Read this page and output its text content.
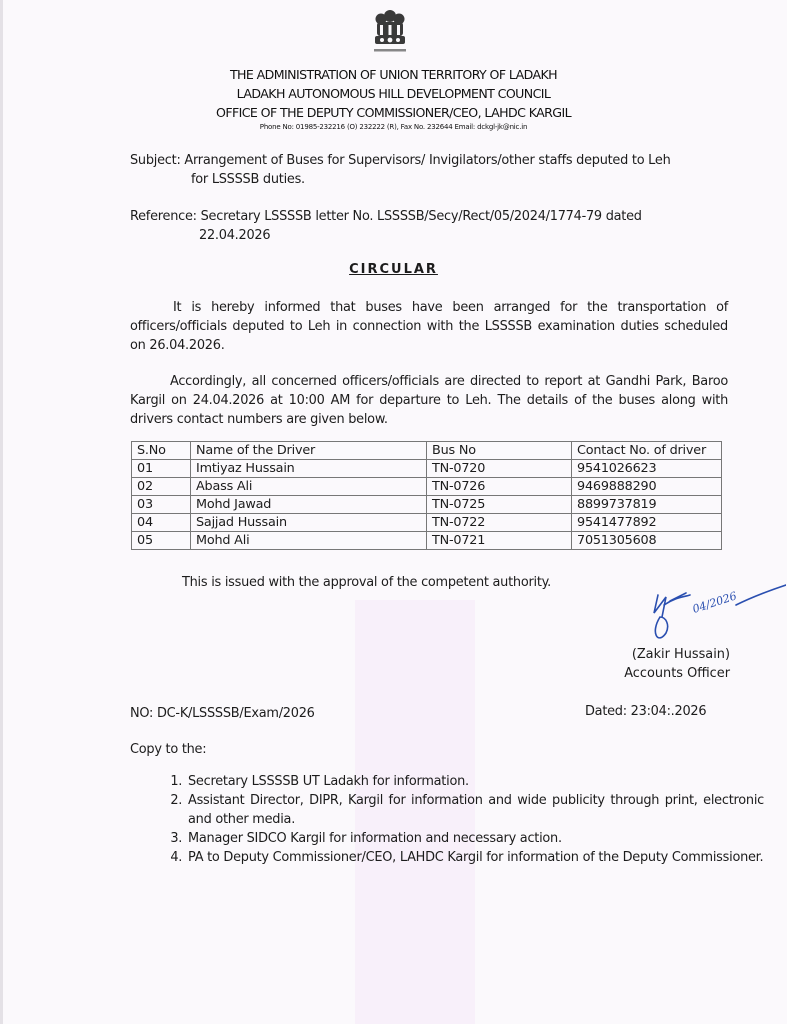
THE ADMINISTRATION OF UNION TERRITORY OF LADAKH
LADAKH AUTONOMOUS HILL DEVELOPMENT COUNCIL
OFFICE OF THE DEPUTY COMMISSIONER/CEO, LAHDC KARGIL
Phone No: 01985-232216 (O) 232222 (R), Fax No. 232644 Email: dckgl-jk@nic.in
Subject: Arrangement of Buses for Supervisors/ Invigilators/other staffs deputed to Leh
for LSSSSB duties.
Reference: Secretary LSSSSB letter No. LSSSSB/Secy/Rect/05/2024/1774-79 dated
22.04.2026
CIRCULAR
It is hereby informed that buses have been arranged for the transportation of officers/officials deputed to Leh in connection with the LSSSSB examination duties scheduled on 26.04.2026.
Accordingly, all concerned officers/officials are directed to report at Gandhi Park, Baroo Kargil on 24.04.2026 at 10:00 AM for departure to Leh. The details of the buses along with drivers contact numbers are given below.
S.No	Name of the Driver	Bus No	Contact No. of driver
01	Imtiyaz Hussain	TN-0720	9541026623
02	Abass Ali	TN-0726	9469888290
03	Mohd Jawad	TN-0725	8899737819
04	Sajjad Hussain	TN-0722	9541477892
05	Mohd Ali	TN-0721	7051305608
This is issued with the approval of the competent authority.
04/2026
(Zakir Hussain)
Accounts Officer
NO: DC-K/LSSSSB/Exam/2026	Dated: 23:04:.2026
Copy to the:
1. Secretary LSSSSB UT Ladakh for information.
2. Assistant Director, DIPR, Kargil for information and wide publicity through print, electronic and other media.
3. Manager SIDCO Kargil for information and necessary action.
4. PA to Deputy Commissioner/CEO, LAHDC Kargil for information of the Deputy Commissioner.
